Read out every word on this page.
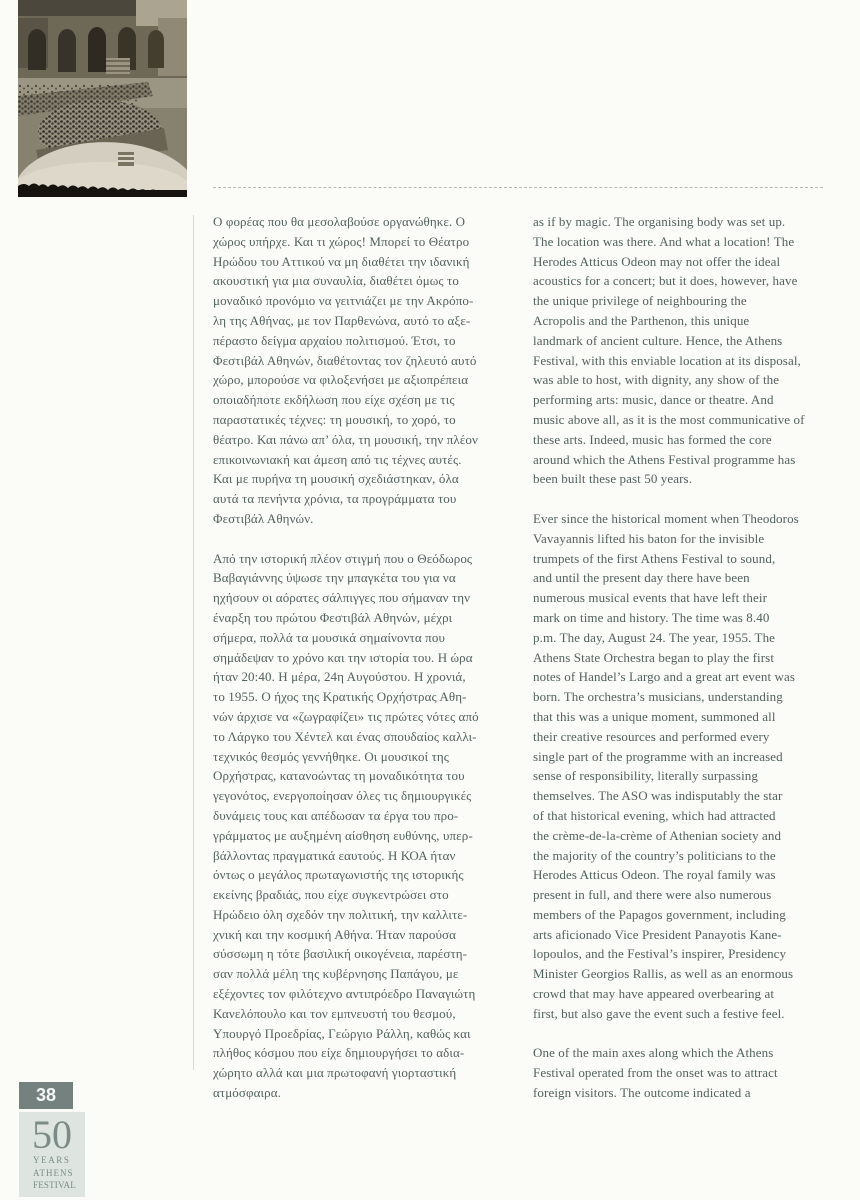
Ο φορέας που θα μεσολαβούσε οργανώθηκε. Ο
χώρος υπήρχε. Και τι χώρος! Μπορεί το Θέατρο
Ηρώδου του Αττικού να μη διαθέτει την ιδανική
ακουστική για μια συναυλία, διαθέτει όμως το
μοναδικό προνόμιο να γειτνιάζει με την Ακρόπο-
λη της Αθήνας, με τον Παρθενώνα, αυτό το αξε-
πέραστο δείγμα αρχαίου πολιτισμού. Έτσι, το
Φεστιβάλ Αθηνών, διαθέτοντας τον ζηλευτό αυτό
χώρο, μπορούσε να φιλοξενήσει με αξιοπρέπεια
οποιαδήποτε εκδήλωση που είχε σχέση με τις
παραστατικές τέχνες: τη μουσική, το χορό, το
θέατρο. Και πάνω απ’ όλα, τη μουσική, την πλέον
επικοινωνιακή και άμεση από τις τέχνες αυτές.
Και με πυρήνα τη μουσική σχεδιάστηκαν, όλα
αυτά τα πενήντα χρόνια, τα προγράμματα του
Φεστιβάλ Αθηνών.
Από την ιστορική πλέον στιγμή που ο Θεόδωρος
Βαβαγιάννης ύψωσε την μπαγκέτα του για να
ηχήσουν οι αόρατες σάλπιγγες που σήμαναν την
έναρξη του πρώτου Φεστιβάλ Αθηνών, μέχρι
σήμερα, πολλά τα μουσικά σημαίνοντα που
σημάδεψαν το χρόνο και την ιστορία του. Η ώρα
ήταν 20:40. Η μέρα, 24η Αυγούστου. Η χρονιά,
το 1955. Ο ήχος της Κρατικής Ορχήστρας Αθη-
νών άρχισε να «ζωγραφίζει» τις πρώτες νότες από
το Λάργκο του Χέντελ και ένας σπουδαίος καλλι-
τεχνικός θεσμός γεννήθηκε. Οι μουσικοί της
Ορχήστρας, κατανοώντας τη μοναδικότητα του
γεγονότος, ενεργοποίησαν όλες τις δημιουργικές
δυνάμεις τους και απέδωσαν τα έργα του προ-
γράμματος με αυξημένη αίσθηση ευθύνης, υπερ-
βάλλοντας πραγματικά εαυτούς. Η ΚΟΑ ήταν
όντως ο μεγάλος πρωταγωνιστής της ιστορικής
εκείνης βραδιάς, που είχε συγκεντρώσει στο
Ηρώδειο όλη σχεδόν την πολιτική, την καλλιτε-
χνική και την κοσμική Αθήνα. Ήταν παρούσα
σύσσωμη η τότε βασιλική οικογένεια, παρέστη-
σαν πολλά μέλη της κυβέρνησης Παπάγου, με
εξέχοντες τον φιλότεχνο αντιπρόεδρο Παναγιώτη
Κανελόπουλο και τον εμπνευστή του θεσμού,
Υπουργό Προεδρίας, Γεώργιο Ράλλη, καθώς και
πλήθος κόσμου που είχε δημιουργήσει το αδια-
χώρητο αλλά και μια πρωτοφανή γιορταστική
ατμόσφαιρα.
as if by magic. The organising body was set up.
The location was there. And what a location! The
Herodes Atticus Odeon may not offer the ideal
acoustics for a concert; but it does, however, have
the unique privilege of neighbouring the
Acropolis and the Parthenon, this unique
landmark of ancient culture. Hence, the Athens
Festival, with this enviable location at its disposal,
was able to host, with dignity, any show of the
performing arts: music, dance or theatre. And
music above all, as it is the most communicative of
these arts. Indeed, music has formed the core
around which the Athens Festival programme has
been built these past 50 years.
Ever since the historical moment when Theodoros
Vavayannis lifted his baton for the invisible
trumpets of the first Athens Festival to sound,
and until the present day there have been
numerous musical events that have left their
mark on time and history. The time was 8.40
p.m. The day, August 24. The year, 1955. The
Athens State Orchestra began to play the first
notes of Handel’s Largo and a great art event was
born. The orchestra’s musicians, understanding
that this was a unique moment, summoned all
their creative resources and performed every
single part of the programme with an increased
sense of responsibility, literally surpassing
themselves. The ASO was indisputably the star
of that historical evening, which had attracted
the crème-de-la-crème of Athenian society and
the majority of the country’s politicians to the
Herodes Atticus Odeon. The royal family was
present in full, and there were also numerous
members of the Papagos government, including
arts aficionado Vice President Panayotis Kane-
lopoulos, and the Festival’s inspirer, Presidency
Minister Georgios Rallis, as well as an enormous
crowd that may have appeared overbearing at
first, but also gave the event such a festive feel.
One of the main axes along which the Athens
Festival operated from the onset was to attract
foreign visitors. The outcome indicated a
38
50
YEARS
ATHENS
FESTIVAL
